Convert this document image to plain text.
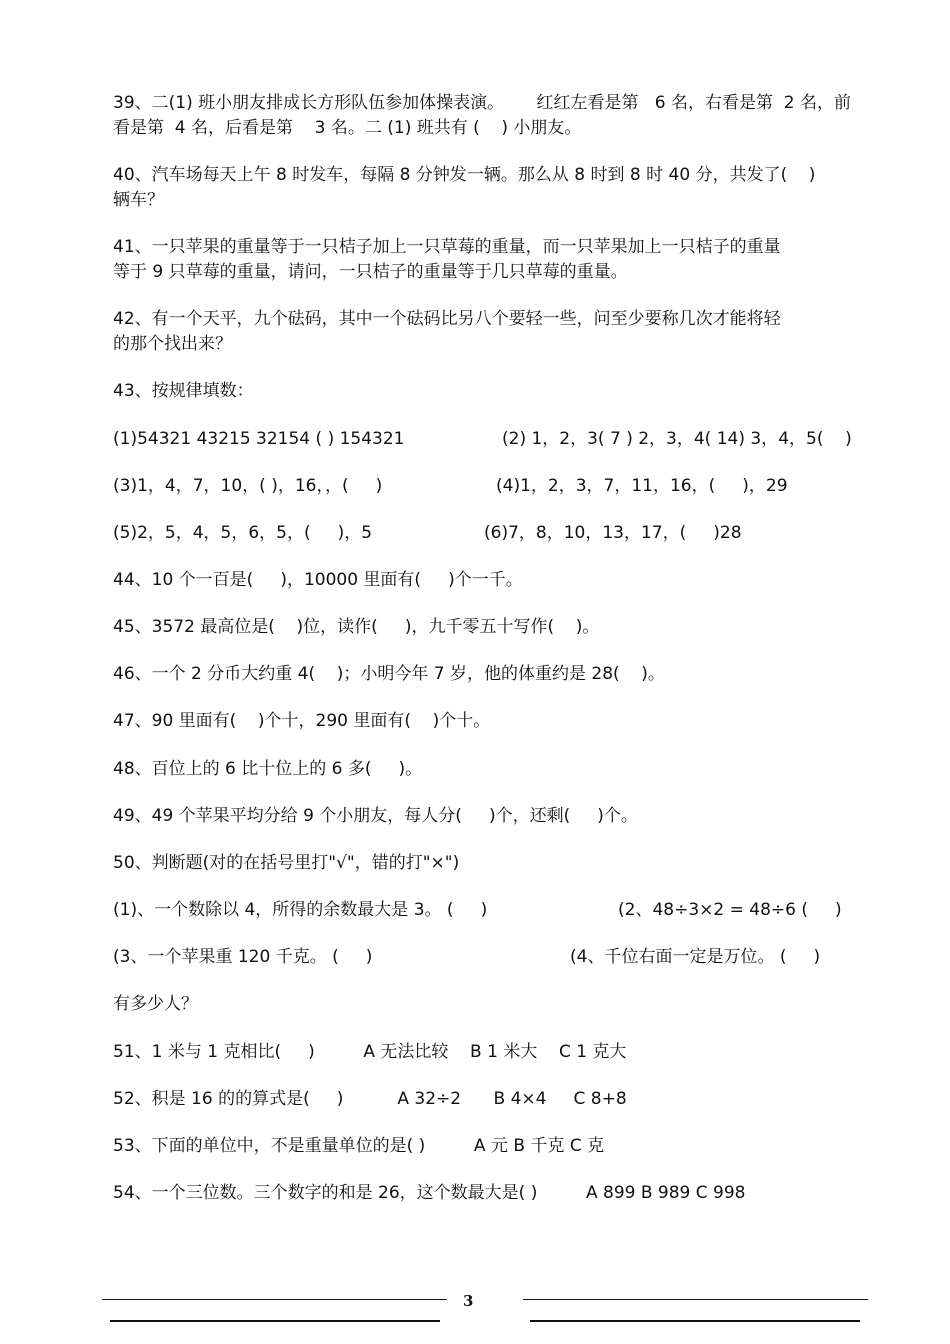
39、二(1) 班小朋友排成长方形队伍参加体操表演。      红红左看是第   6 名，右看是第  2 名，前
看是第  4 名，后看是第    3 名。二 (1) 班共有 (    ) 小朋友。
40、汽车场每天上午 8 时发车，每隔 8 分钟发一辆。那么从 8 时到 8 时 40 分，共发了(    )
辆车？
41、一只苹果的重量等于一只桔子加上一只草莓的重量，而一只苹果加上一只桔子的重量
等于 9 只草莓的重量，请问，一只桔子的重量等于几只草莓的重量。
42、有一个天平，九个砝码，其中一个砝码比另八个要轻一些，问至少要称几次才能将轻
的那个找出来？
43、按规律填数：
(1)54321 43215 32154 ( ) 154321	(2) 1，2，3( 7 ) 2，3，4( 14) 3，4，5(    )
(3)1，4，7，10，( )，16，，(     )	(4)1，2，3，7，11，16，(     )，29
(5)2，5，4，5，6，5，(     )，5	(6)7，8，10，13，17，(     )28
44、10 个一百是(     )，10000 里面有(     )个一千。
45、3572 最高位是(    )位，读作(     )，九千零五十写作(    )。
46、一个 2 分币大约重 4(    )；小明今年 7 岁，他的体重约是 28(    )。
47、90 里面有(    )个十，290 里面有(    )个十。
48、百位上的 6 比十位上的 6 多(     )。
49、49 个苹果平均分给 9 个小朋友，每人分(     )个，还剩(     )个。
50、判断题(对的在括号里打"√"，错的打"×")
(1)、一个数除以 4，所得的余数最大是 3。 (     )	(2、48÷3×2 = 48÷6 (     )
(3、一个苹果重 120 千克。 (     )	(4、千位右面一定是万位。 (     )
有多少人？
51、1 米与 1 克相比(     )         A 无法比较    B 1 米大    C 1 克大
52、积是 16 的的算式是(     )          A 32÷2      B 4×4     C 8+8
53、下面的单位中，不是重量单位的是( )         A 元 B 千克 C 克
54、一个三位数。三个数字的和是 26，这个数最大是( )         A 899 B 989 C 998
3
